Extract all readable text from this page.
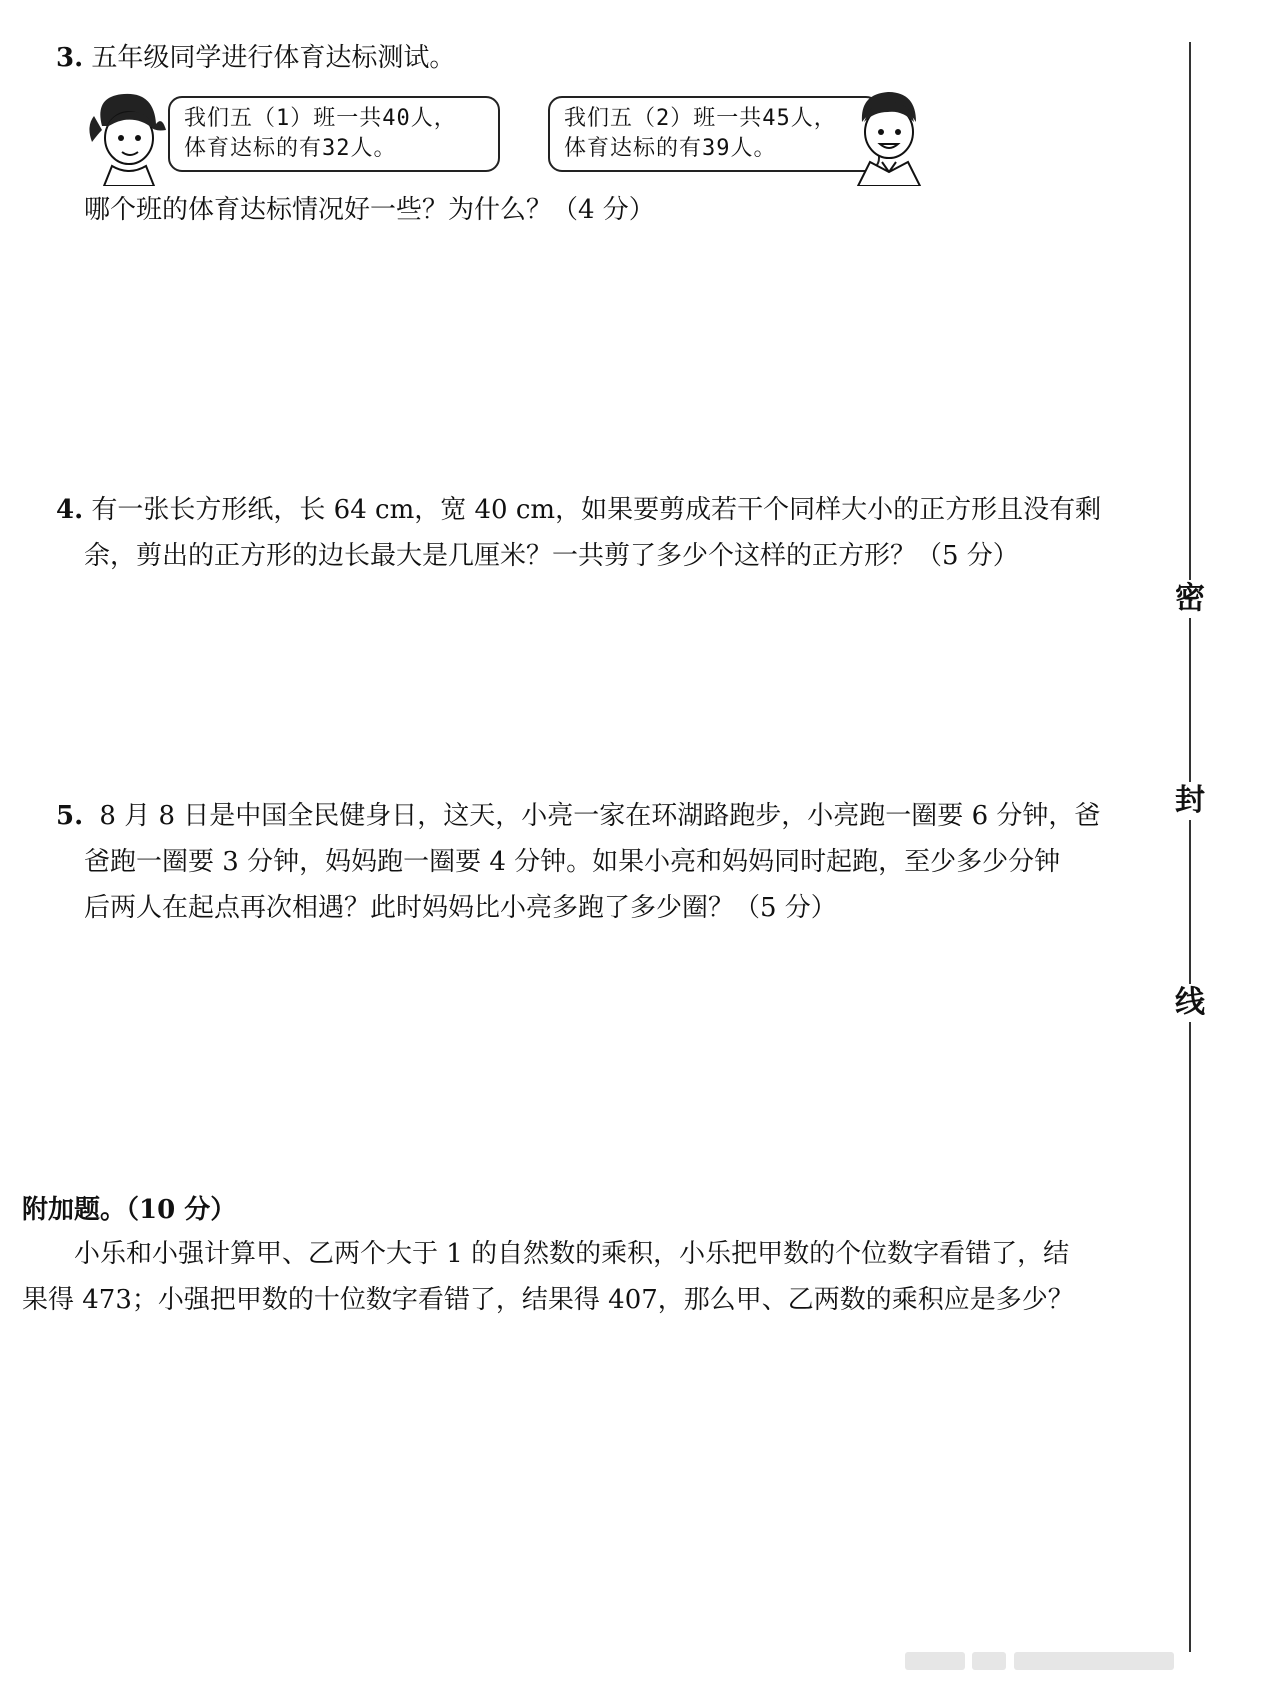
3. 五年级同学进行体育达标测试。
我们五（1）班一共40人，
体育达标的有32人。
我们五（2）班一共45人，
体育达标的有39人。
哪个班的体育达标情况好一些？为什么？（4 分）
4. 有一张长方形纸，长 64 cm，宽 40 cm，如果要剪成若干个同样大小的正方形且没有剩
余，剪出的正方形的边长最大是几厘米？一共剪了多少个这样的正方形？（5 分）
5. 8 月 8 日是中国全民健身日，这天，小亮一家在环湖路跑步，小亮跑一圈要 6 分钟，爸
爸跑一圈要 3 分钟，妈妈跑一圈要 4 分钟。如果小亮和妈妈同时起跑，至少多少分钟
后两人在起点再次相遇？此时妈妈比小亮多跑了多少圈？（5 分）
附加题。（10 分）
小乐和小强计算甲、乙两个大于 1 的自然数的乘积，小乐把甲数的个位数字看错了，结
果得 473；小强把甲数的十位数字看错了，结果得 407，那么甲、乙两数的乘积应是多少？
密
封
线
